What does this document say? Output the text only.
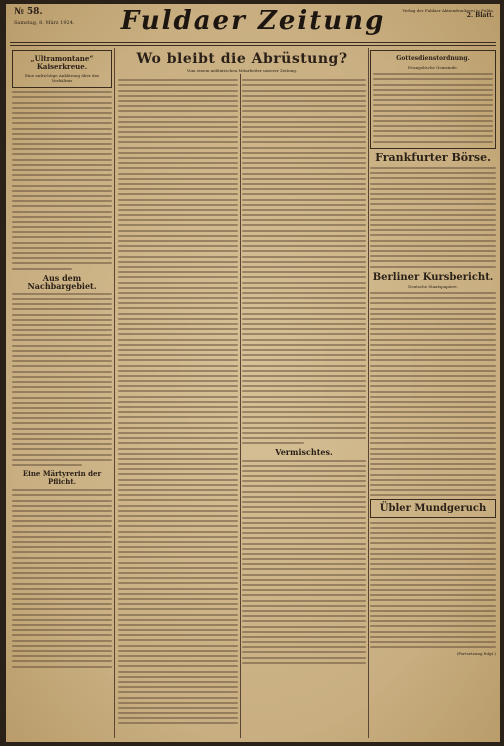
№ 58.
Samstag, 8. März 1924.	Fuldaer Zeitung	Verlag der Fuldaer Aktiendruckerei in Fulda.
2. Blatt.
„Ultramontane“ Kaiserkreue.
Eine aufrichtige Anklärung über das Verhältnis
Aus dem Nachbargebiet.
Eine Märtyrerin der Pflicht.
Wo bleibt die Abrüstung?
Vom einem militärischen Mitarbeiter unserer Zeitung.
Vermischtes.
Gottesdienstordnung.
Evangelische Gemeinde.
Frankfurter Börse.
Berliner Kursbericht.
Deutsche Staatspapiere.
Übler Mundgeruch
(Fortsetzung folgt.)
